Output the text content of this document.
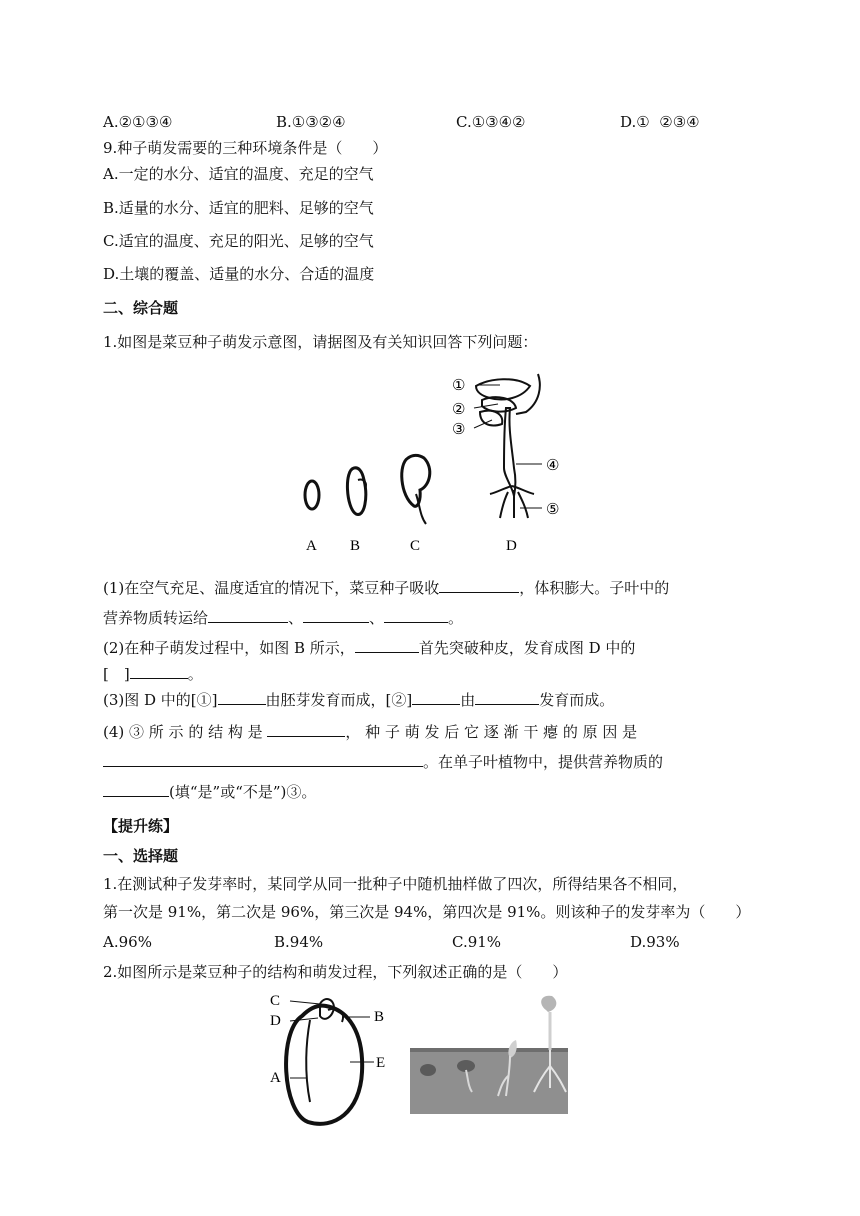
A.②①③④	B.①③②④	C.①③④②	D.①  ②③④
9.种子萌发需要的三种环境条件是（　　）
A.一定的水分、适宜的温度、充足的空气
B.适量的水分、适宜的肥料、足够的空气
C.适宜的温度、充足的阳光、足够的空气
D.土壤的覆盖、适量的水分、合适的温度
二、综合题
1.如图是菜豆种子萌发示意图，请据图及有关知识回答下列问题：
①
②
③
④
⑤
A B	C	D
(1)在空气充足、温度适宜的情况下，菜豆种子吸收	，体积膨大。子叶中的
营养物质转运给	、	、	。
(2)在种子萌发过程中，如图 B 所示，	首先突破种皮，发育成图 D 中的
[　]	。
(3)图 D 中的[①]	由胚芽发育而成，[②]	由	发育而成。
(4) ③ 所 示 的 结 构 是	， 种 子 萌 发 后 它 逐 渐 干 瘪 的 原 因 是
。在单子叶植物中，提供营养物质的
(填“是”或“不是”)③。
【提升练】
一、选择题
1.在测试种子发芽率时，某同学从同一批种子中随机抽样做了四次，所得结果各不相同，
第一次是 91%，第二次是 96%，第三次是 94%，第四次是 91%。则该种子的发芽率为（　　）
A.96%	B.94%	C.91%	D.93%
2.如图所示是菜豆种子的结构和萌发过程，下列叙述正确的是（　　）
C
D	B
A
E
